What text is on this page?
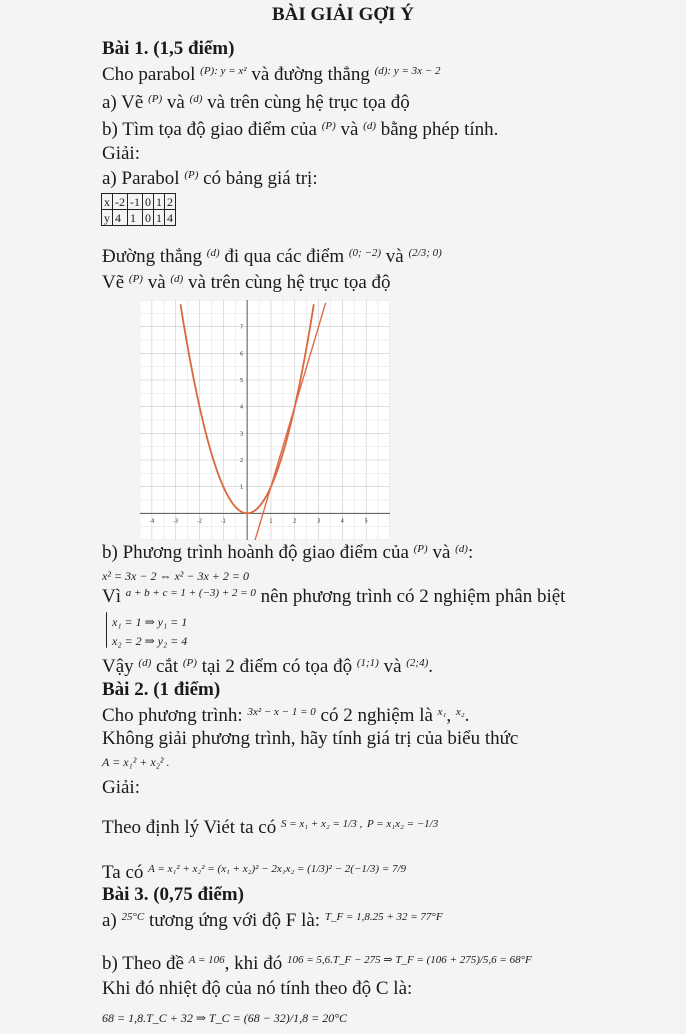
BÀI GIẢI GỢI Ý
Bài 1. (1,5 điểm)
Cho parabol $^{(P): y = x^2}$ và đường thẳng $^{(d): y = 3x - 2}$
a) Vẽ $^{(P)}$ và $^{(d)}$ và trên cùng hệ trục tọa độ
b) Tìm tọa độ giao điểm của $^{(P)}$ và $^{(d)}$ bằng phép tính.
Giải:
a) Parabol $^{(P)}$ có bảng giá trị:
x	-2	-1	0	1	2
y	4	1	0	1	4
Đường thẳng $^{(d)}$ đi qua các điểm $^{(0; -2)}$ và $^{(2/3; 0)}$
Vẽ $^{(P)}$ và $^{(d)}$ và trên cùng hệ trục tọa độ
-4	-3	-2	-1	1	2	3	4	5
1
2
3
4
5
6
7
b) Phương trình hoành độ giao điểm của $^{(P)}$ và $^{(d)}$:
x² = 3x − 2 ⇔ x² − 3x + 2 = 0
Vì $^{a + b + c = 1 + (-3) + 2 = 0}$ nên phương trình có 2 nghiệm phân biệt
x₁ = 1 ⇒ y₁ = 1
x₂ = 2 ⇒ y₂ = 4
Vậy $^{(d)}$ cắt $^{(P)}$ tại 2 điểm có tọa độ $^{(1;1)}$ và $^{(2;4)}$.
Bài 2. (1 điểm)
Cho phương trình: $^{3x^2 - x - 1 = 0}$ có 2 nghiệm là $^{x_1}$, $^{x_2}$.
Không giải phương trình, hãy tính giá trị của biểu thức
A = x₁² + x₂² .
Giải:
Theo định lý Viét ta có $^{S = x_1 + x_2 = 1/3 ,}$ $^{P = x_1x_2 = -1/3}$
Ta có $^{A = x_1^2 + x_2^2 = (x_1 + x_2)^2 - 2x_1x_2 = (1/3)^2 - 2(-1/3) = 7/9}$
Bài 3. (0,75 điểm)
a) $^{25^\circ C}$ tương ứng với độ F là: $^{T\_F = 1,8.25 + 32 = 77^\circ F}$
b) Theo đề $^{A = 106}$, khi đó $^{106 = 5,6.T\_F - 275 \Rightarrow T\_F = (106 + 275)/5,6 = 68^\circ F}$
Khi đó nhiệt độ của nó tính theo độ C là:
68 = 1,8.T_C + 32 ⇒ T_C = (68 − 32)/1,8 = 20°C
